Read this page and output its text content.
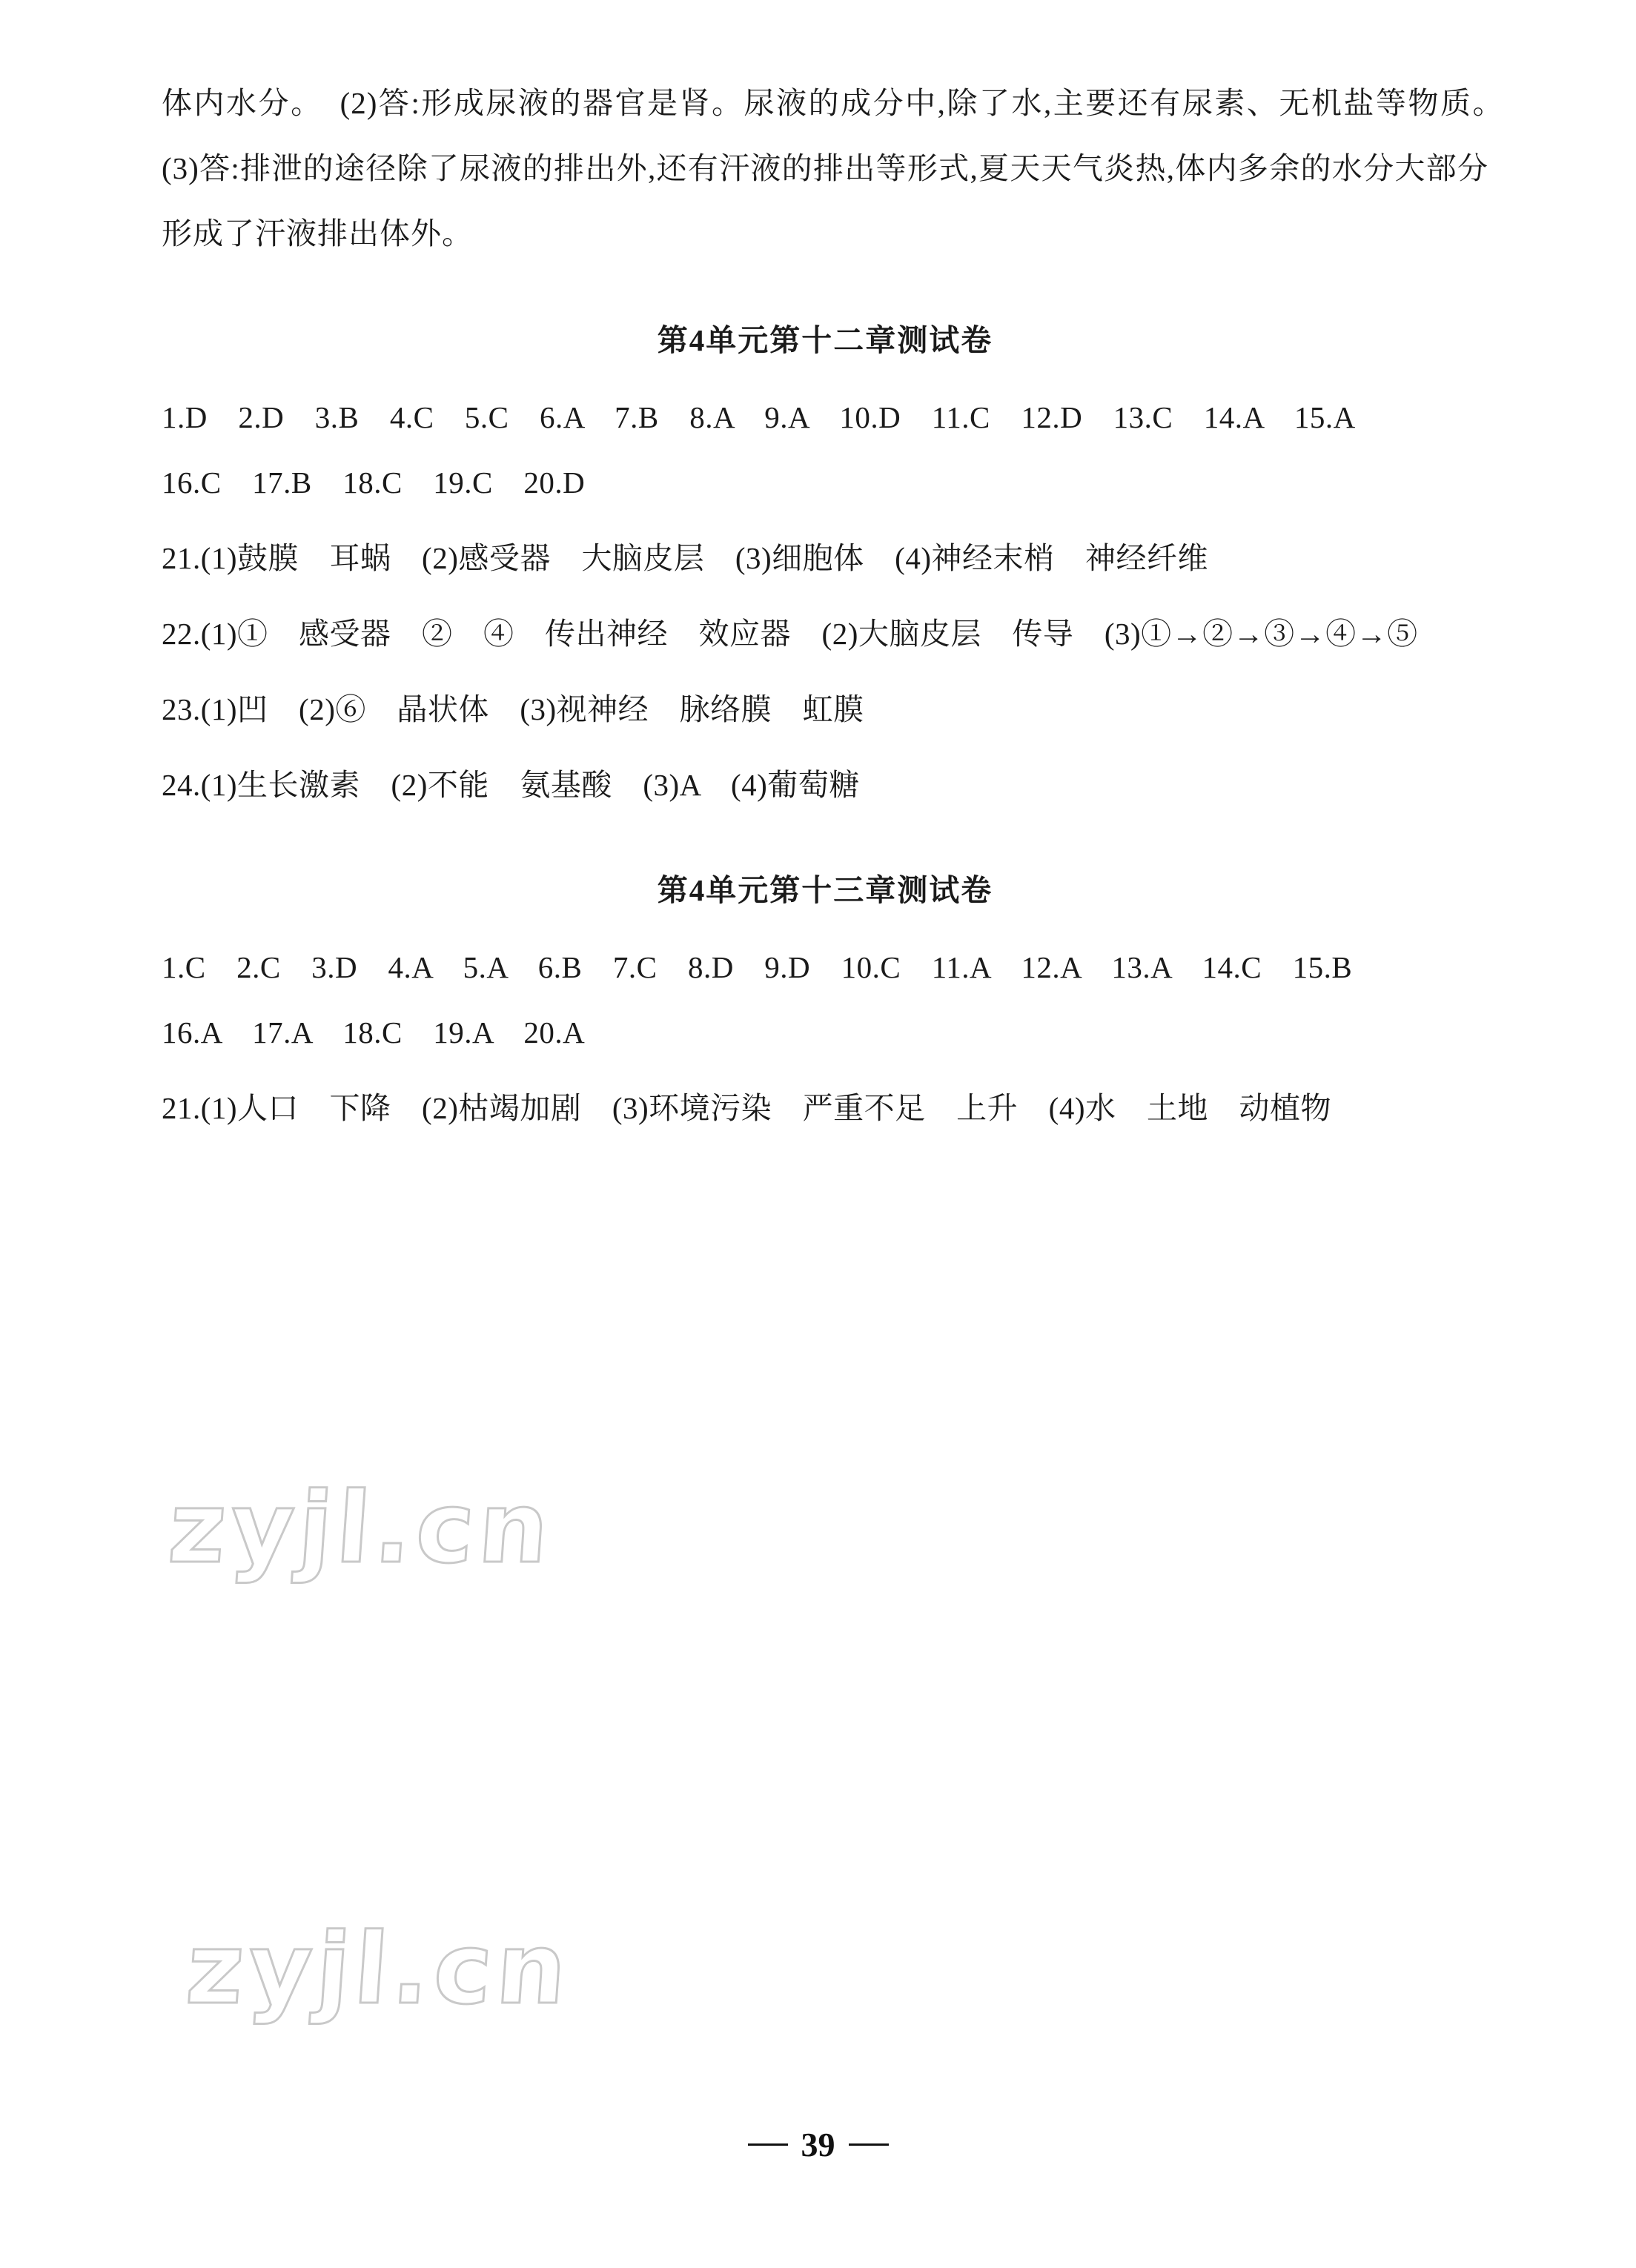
体内水分。　(2)答:形成尿液的器官是肾。尿液的成分中,除了水,主要还有尿素、无机盐等物质。　(3)答:排泄的途径除了尿液的排出外,还有汗液的排出等形式,夏天天气炎热,体内多余的水分大部分形成了汗液排出体外。

第4单元第十二章测试卷

1.D　2.D　3.B　4.C　5.C　6.A　7.B　8.A　9.A　10.D　11.C　12.D　13.C　14.A　15.A

16.C　17.B　18.C　19.C　20.D

21.(1)鼓膜　耳蜗　(2)感受器　大脑皮层　(3)细胞体　(4)神经末梢　神经纤维

22.(1)①　感受器　②　④　传出神经　效应器　(2)大脑皮层　传导　(3)①→②→③→④→⑤

23.(1)凹　(2)⑥　晶状体　(3)视神经　脉络膜　虹膜

24.(1)生长激素　(2)不能　氨基酸　(3)A　(4)葡萄糖

第4单元第十三章测试卷

1.C　2.C　3.D　4.A　5.A　6.B　7.C　8.D　9.D　10.C　11.A　12.A　13.A　14.C　15.B

16.A　17.A　18.C　19.A　20.A

21.(1)人口　下降　(2)枯竭加剧　(3)环境污染　严重不足　上升　(4)水　土地　动植物

zyjl.cn
zyjl.cn
39
